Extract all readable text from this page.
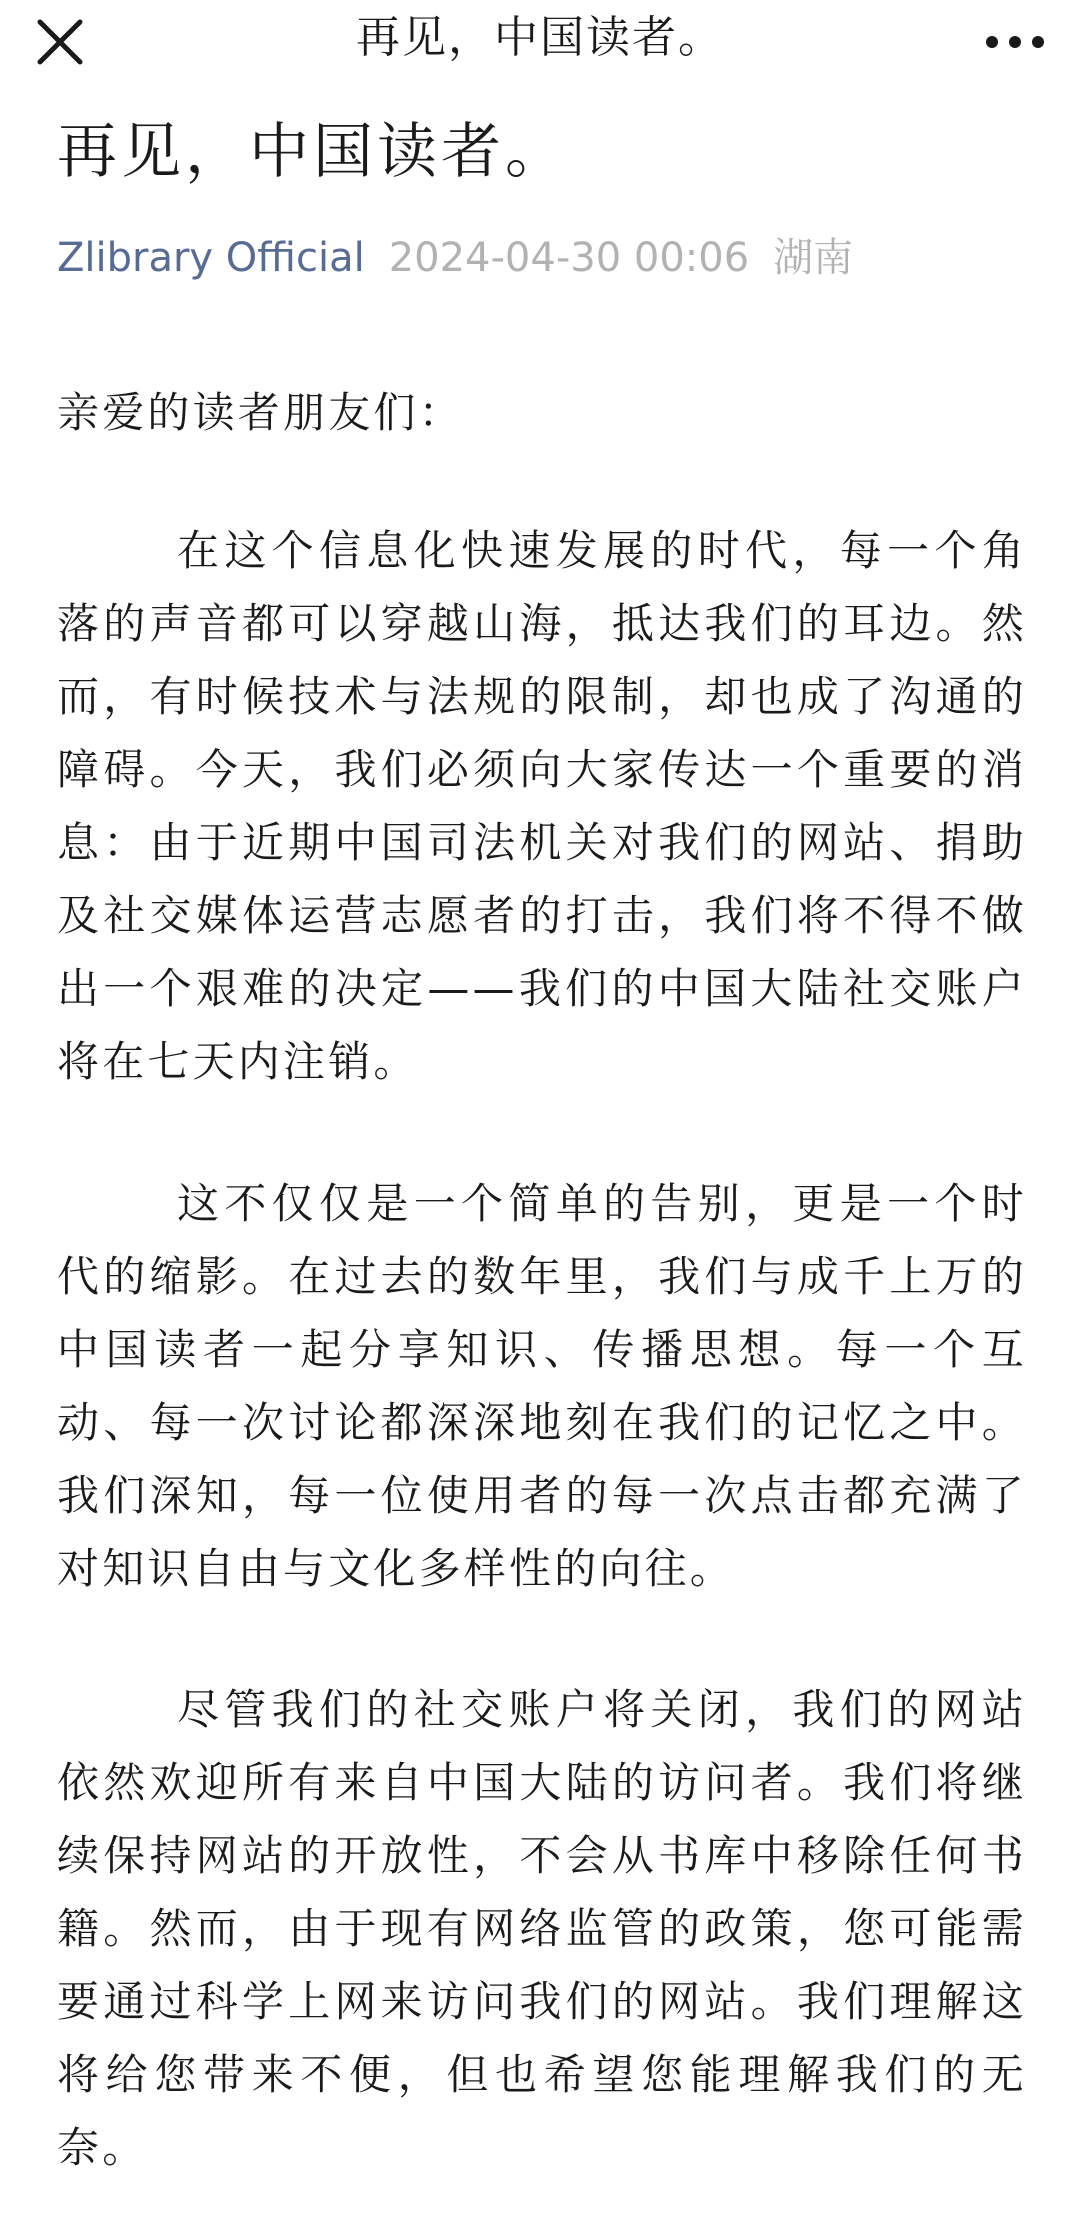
再见，中国读者。
再见，中国读者。
Zlibrary Official 2024-04-30 00:06 湖南

亲爱的读者朋友们：

在这个信息化快速发展的时代，每一个角落的声音都可以穿越山海，抵达我们的耳边。然而，有时候技术与法规的限制，却也成了沟通的障碍。今天，我们必须向大家传达一个重要的消息：由于近期中国司法机关对我们的网站、捐助及社交媒体运营志愿者的打击，我们将不得不做出一个艰难的决定——我们的中国大陆社交账户将在七天内注销。

这不仅仅是一个简单的告别，更是一个时代的缩影。在过去的数年里，我们与成千上万的中国读者一起分享知识、传播思想。每一个互动、每一次讨论都深深地刻在我们的记忆之中。我们深知，每一位使用者的每一次点击都充满了对知识自由与文化多样性的向往。

尽管我们的社交账户将关闭，我们的网站依然欢迎所有来自中国大陆的访问者。我们将继续保持网站的开放性，不会从书库中移除任何书籍。然而，由于现有网络监管的政策，您可能需要通过科学上网来访问我们的网站。我们理解这将给您带来不便，但也希望您能理解我们的无奈。
